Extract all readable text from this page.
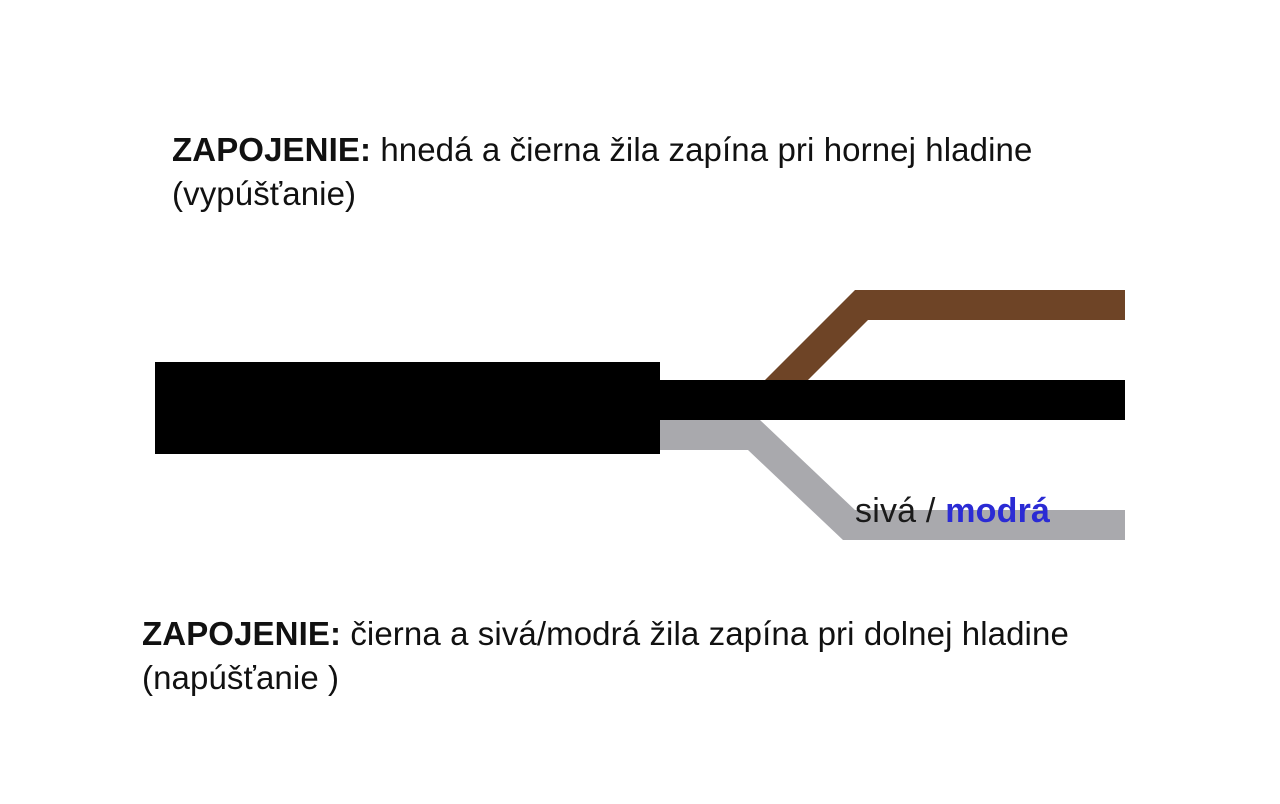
ZAPOJENIE: hnedá a čierna žila zapína pri hornej hladine (vypúšťanie)
sivá / modrá
ZAPOJENIE: čierna a sivá/modrá žila zapína pri dolnej hladine (napúšťanie )
